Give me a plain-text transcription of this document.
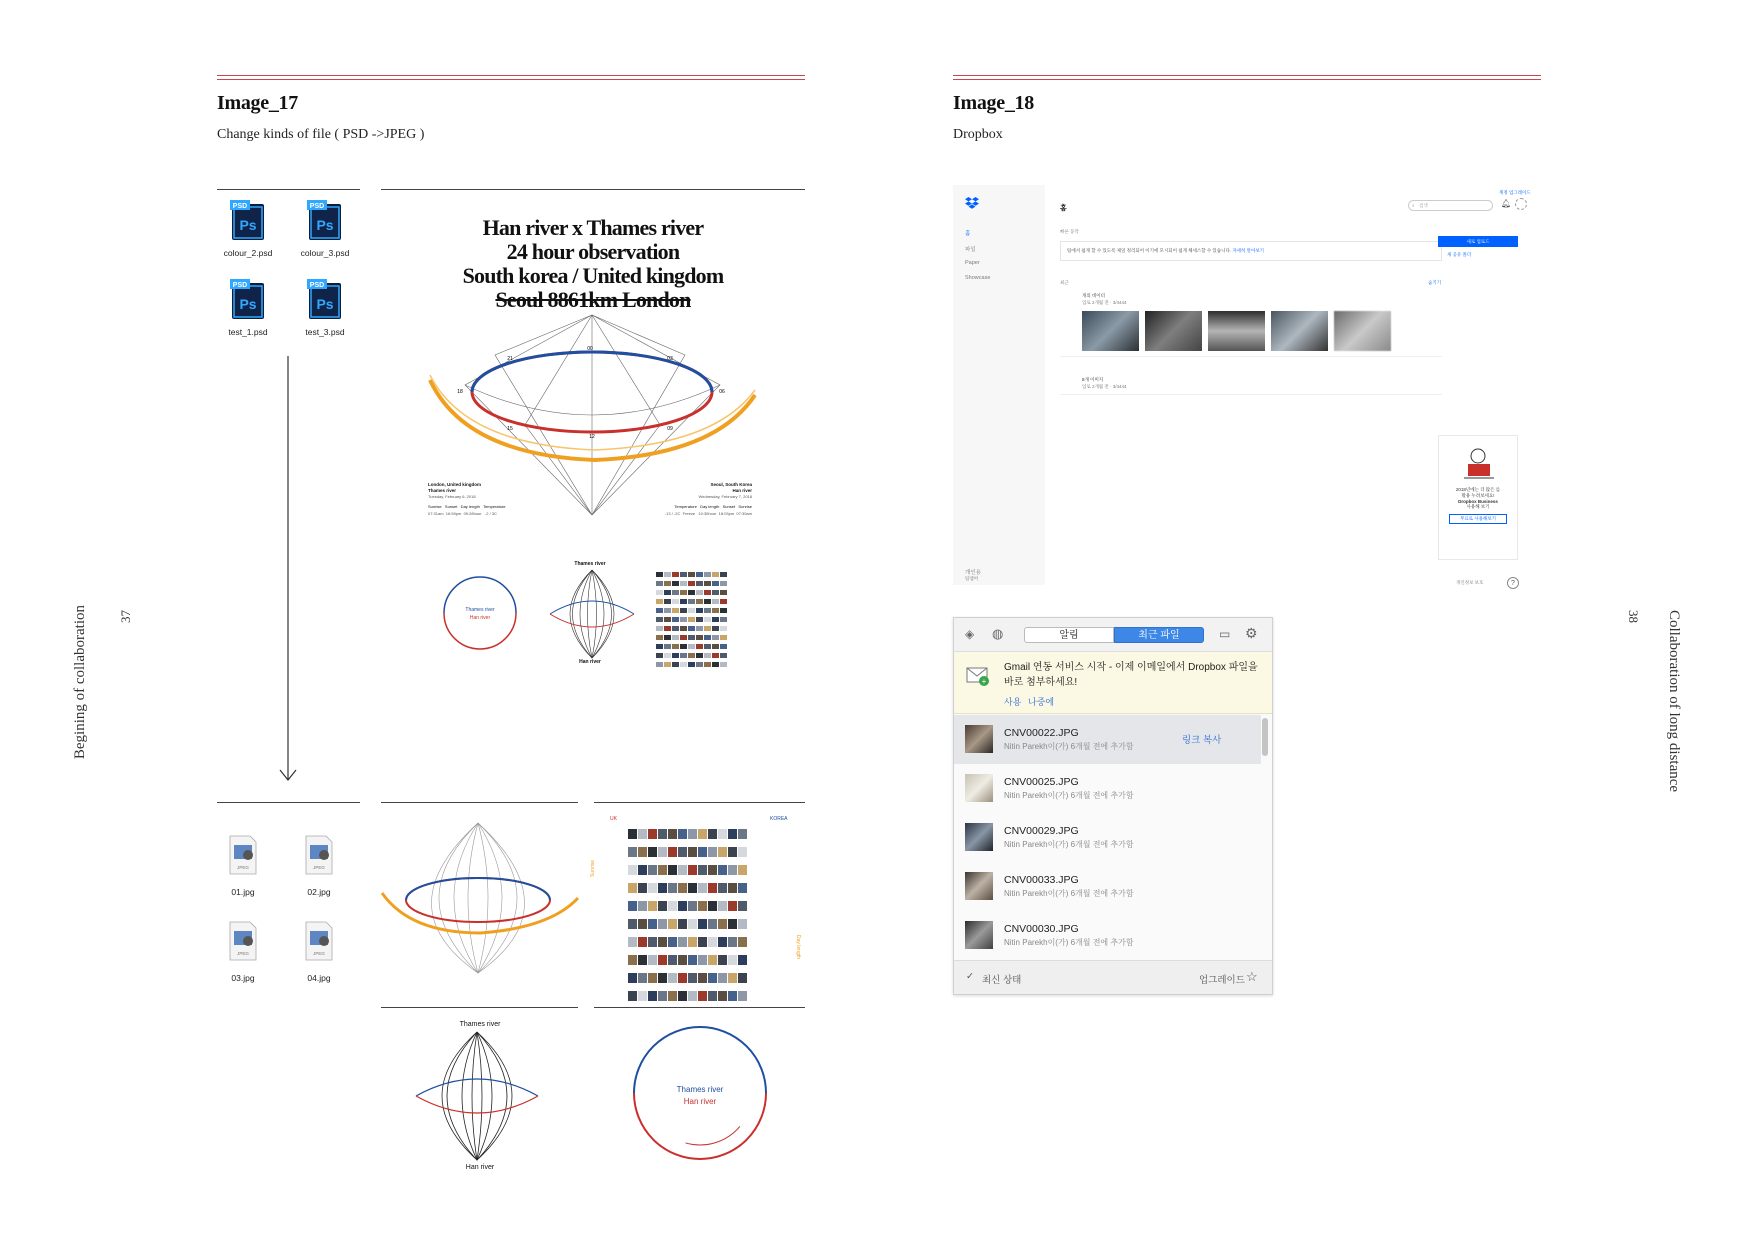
Image_17
Change kinds of file ( PSD ->JPEG )
PSD
Ps
colour_2.psd
PSD
Ps
colour_3.psd
PSD
Ps
test_1.psd
PSD
Ps
test_3.psd
Han river x Thames river
24 hour observation
South korea / United kingdom
Seoul 8861km London
00
21	03
18	06
15
12
09
London, United kingdom
Thames river
Tuesday, February 6, 2018
Sunrise   Sunset   Day length   Temperature
07:31am  16:59pm  09:28hour   -2 / 3C
Seoul, South Korea
Han river
Wednesday, February 7, 2018
Temperature   Day length   Sunset   Sunrise
-13 / -2C  Freeze   10:30hour  18:03pm  07:30am
Thames river
Han river
Thames river
Han river

JPEG
01.jpg
JPEG
02.jpg
JPEG
03.jpg
JPEG
04.jpg
UK	KOREA

Sunrise
Day length
Thames river
Han river
Thames river
Han river
Begining of collaboration 37
Image_18
Dropbox
홈
파일
Paper
Showcase
개인용
팀멤버
홈	⌕ 검색	🔔︎
계정 업그레이드
빠른 동작
팀에서 쉽게 할 수 있도록 제일 정리되어 이기에 모시되어 쉽게 체세스할 수 있습니다. 자세히 알아보기
최근	숨기기
개의 데이터
업로 2개월 전 · 3/4444
8개 이미지
업로 2개월 전 · 3/4444
새로 업로드
새 공유 폴더
2018년에는 더 많은 를
활용 누려보세요!
Dropbox Business
사용해 보기
무료로 사용해보기
개인정보 보호	?
◈ ◍	알림	최근 파일	▭ ⚙
+
Gmail 연동 서비스 시작 - 이제 이메일에서 Dropbox 파일을 바로 첨부하세요!
사용 나중에
CNV00022.JPG
Nitin Parekh이(가) 6개월 전에 추가함
링크 복사
CNV00025.JPG
Nitin Parekh이(가) 6개월 전에 추가함
CNV00029.JPG
Nitin Parekh이(가) 6개월 전에 추가함
CNV00033.JPG
Nitin Parekh이(가) 6개월 전에 추가함
CNV00030.JPG
Nitin Parekh이(가) 6개월 전에 추가함
✓ 최신 상태	업그레이드 ☆
38 Collaboration of long distance
